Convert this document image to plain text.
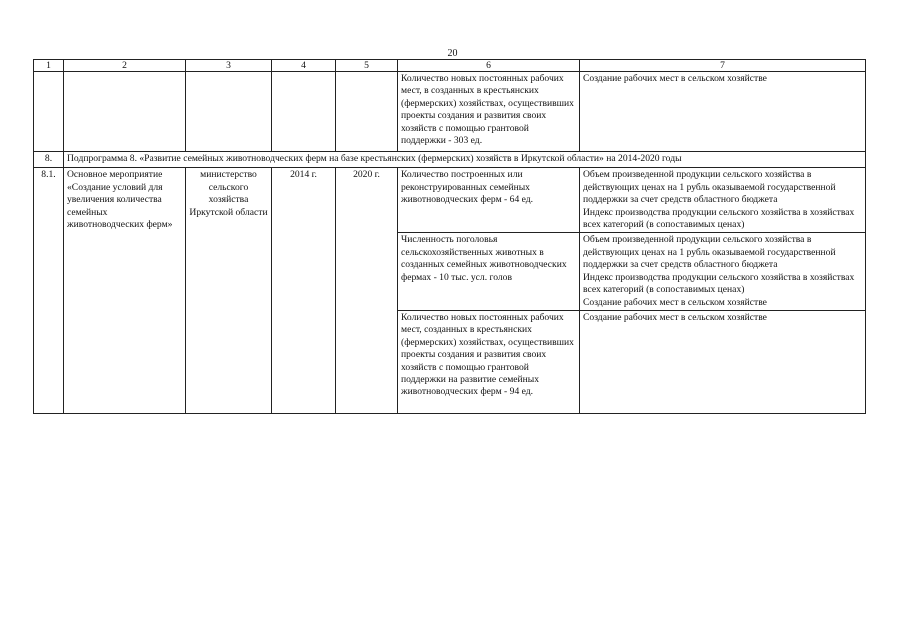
20
1	2	3	4	5	6	7
					Количество новых постоянных рабочих мест, в созданных в крестьянских (фермерских) хозяйствах, осуществивших проекты создания и развития своих хозяйств с помощью грантовой поддержки - 303 ед.	Создание рабочих мест в сельском хозяйстве
8.	Подпрограмма 8. «Развитие семейных животноводческих ферм на базе крестьянских (фермерских) хозяйств в Иркутской области» на 2014-2020 годы					
8.1.	Основное мероприятие «Создание условий для увеличения количества семейных животноводческих ферм»	министерство сельского хозяйства Иркутской области	2014 г.	2020 г.	Количество построенных или реконструированных семейных животноводческих ферм - 64 ед.	Объем произведенной продукции сельского хозяйства в действующих ценах на 1 рубль оказываемой государственной поддержки за счет средств областного бюджета
Индекс производства продукции сельского хозяйства в хозяйствах всех категорий (в сопоставимых ценах)

					Численность поголовья сельскохозяйственных животных в созданных семейных животноводческих фермах - 10 тыс. усл. голов	Объем произведенной продукции сельского хозяйства в действующих ценах на 1 рубль оказываемой государственной поддержки за счет средств областного бюджета
Индекс производства продукции сельского хозяйства в хозяйствах всех категорий (в сопоставимых ценах)
Создание рабочих мест в сельском хозяйстве

					Количество новых постоянных рабочих мест, созданных в крестьянских (фермерских) хозяйствах, осуществивших проекты создания и развития своих хозяйств с помощью грантовой поддержки на развитие семейных животноводческих ферм - 94 ед.	Создание рабочих мест в сельском хозяйстве
